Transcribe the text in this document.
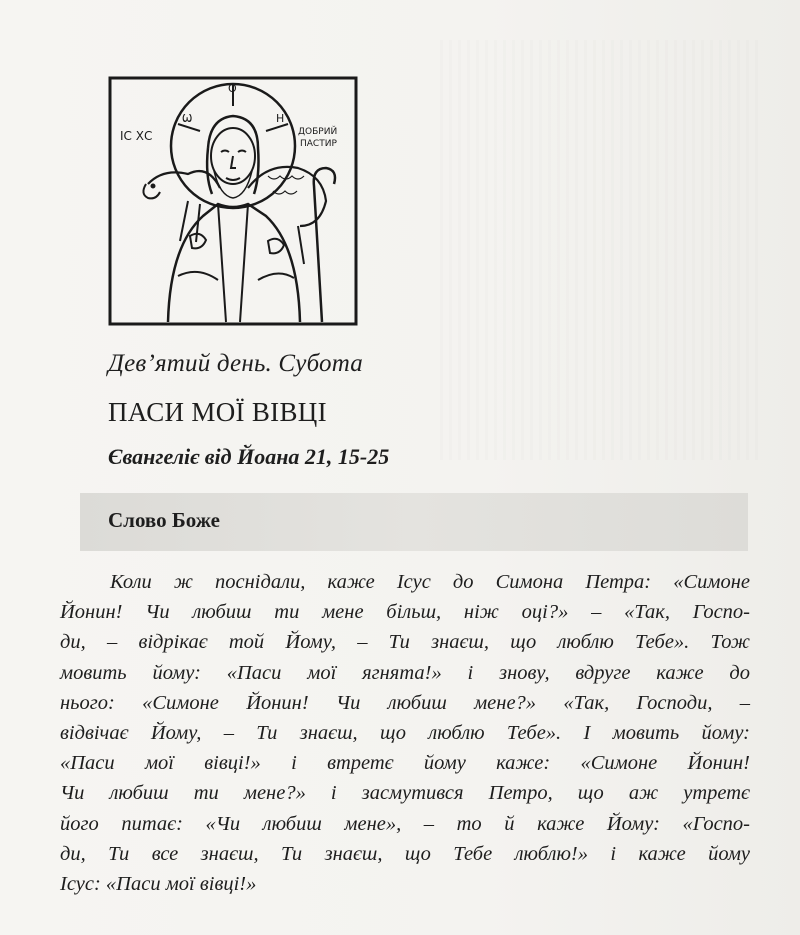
ІС ХС
О
Ѡ	Н
ДОБРИЙ
ПАСТИР
Дев’ятий день. Субота
ПАСИ МОЇ ВІВЦІ
Євангеліє від Йоана 21, 15-25
Слово Боже
Коли ж поснідали, каже Ісус до Симона Петра: «Симоне
Йонин! Чи любиш ти мене більш, ніж оці?» – «Так, Госпо-
ди, – відрікає той Йому, – Ти знаєш, що люблю Тебе». Тож
мовить йому: «Паси мої ягнята!» і знову, вдруге каже до
нього: «Симоне Йонин! Чи любиш мене?» «Так, Господи, –
відвічає Йому, – Ти знаєш, що люблю Тебе». І мовить йому:
«Паси мої вівці!» і втретє йому каже: «Симоне Йонин!
Чи любиш ти мене?» і засмутився Петро, що аж утретє
його питає: «Чи любиш мене», – то й каже Йому: «Госпо-
ди, Ти все знаєш, Ти знаєш, що Тебе люблю!» і каже йому
Ісус: «Паси мої вівці!»
